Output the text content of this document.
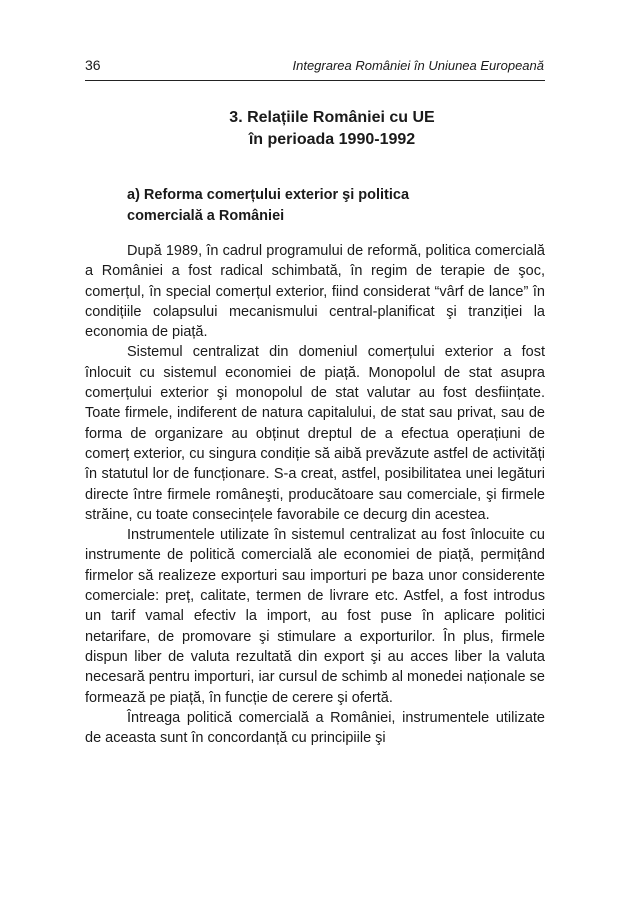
36	Integrarea României în Uniunea Europeană
3. Relațiile României cu UE
în perioada 1990-1992
a) Reforma comerțului exterior şi politica
comercială a României

După 1989, în cadrul programului de reformă, politica comercială a României a fost radical schimbată, în regim de terapie de şoc, comerțul, în special comerțul exterior, fiind considerat “vârf de lance” în condițiile colapsului mecanismului central-planificat şi tranziției la economia de piață.

Sistemul centralizat din domeniul comerțului exterior a fost înlocuit cu sistemul economiei de piață. Monopolul de stat asupra comerțului exterior şi monopolul de stat valutar au fost desființate. Toate firmele, indiferent de natura capitalului, de stat sau privat, sau de forma de organizare au obținut dreptul de a efectua operațiuni de comerț exterior, cu singura condiție să aibă prevăzute astfel de activități în statutul lor de funcționare. S-a creat, astfel, posibilitatea unei legături directe între firmele româneşti, producătoare sau comerciale, şi firmele străine, cu toate consecințele favorabile ce decurg din acestea.

Instrumentele utilizate în sistemul centralizat au fost înlocuite cu instrumente de politică comercială ale economiei de piață, permițând firmelor să realizeze exporturi sau importuri pe baza unor considerente comerciale: preț, calitate, termen de livrare etc. Astfel, a fost introdus un tarif vamal efectiv la import, au fost puse în aplicare politici netarifare, de promovare şi stimulare a exporturilor. În plus, firmele dispun liber de valuta rezultată din export şi au acces liber la valuta necesară pentru importuri, iar cursul de schimb al monedei naționale se formează pe piață, în funcție de cerere şi ofertă.

Întreaga politică comercială a României, instrumentele utilizate de aceasta sunt în concordanță cu principiile şi
